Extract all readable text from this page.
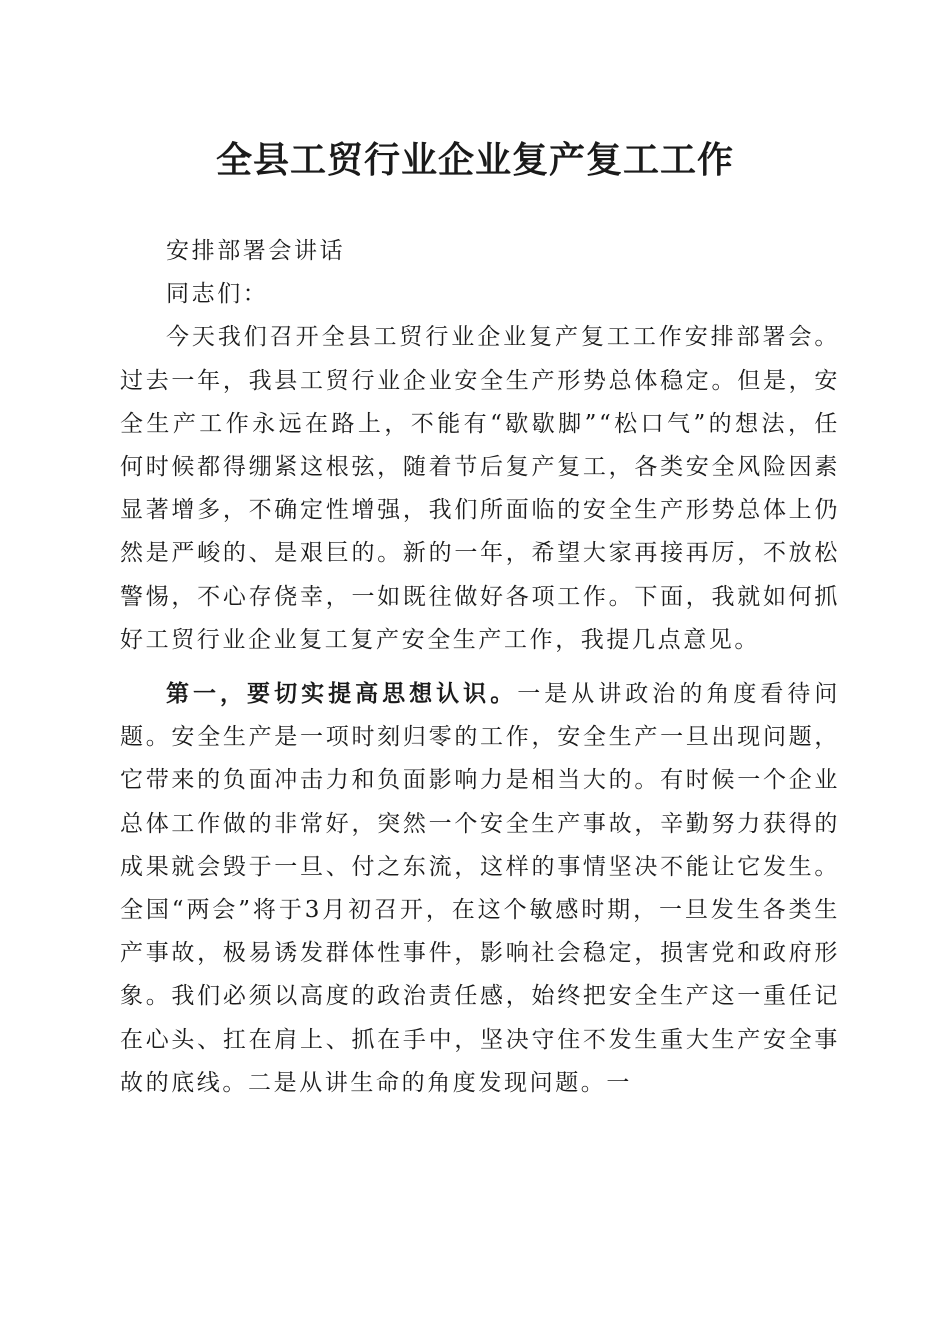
全县工贸行业企业复产复工工作

安排部署会讲话

同志们：

今天我们召开全县工贸行业企业复产复工工作安排部署会。过去一年，我县工贸行业企业安全生产形势总体稳定。但是，安全生产工作永远在路上，不能有“歇歇脚”“松口气”的想法，任何时候都得绷紧这根弦，随着节后复产复工，各类安全风险因素显著增多，不确定性增强，我们所面临的安全生产形势总体上仍然是严峻的、是艰巨的。新的一年，希望大家再接再厉，不放松警惕，不心存侥幸，一如既往做好各项工作。下面，我就如何抓好工贸行业企业复工复产安全生产工作，我提几点意见。

第一，要切实提高思想认识。一是从讲政治的角度看待问题。安全生产是一项时刻归零的工作，安全生产一旦出现问题，它带来的负面冲击力和负面影响力是相当大的。有时候一个企业总体工作做的非常好，突然一个安全生产事故，辛勤努力获得的成果就会毁于一旦、付之东流，这样的事情坚决不能让它发生。全国“两会”将于3月初召开，在这个敏感时期，一旦发生各类生产事故，极易诱发群体性事件，影响社会稳定，损害党和政府形象。我们必须以高度的政治责任感，始终把安全生产这一重任记在心头、扛在肩上、抓在手中，坚决守住不发生重大生产安全事故的底线。二是从讲生命的角度发现问题。一
